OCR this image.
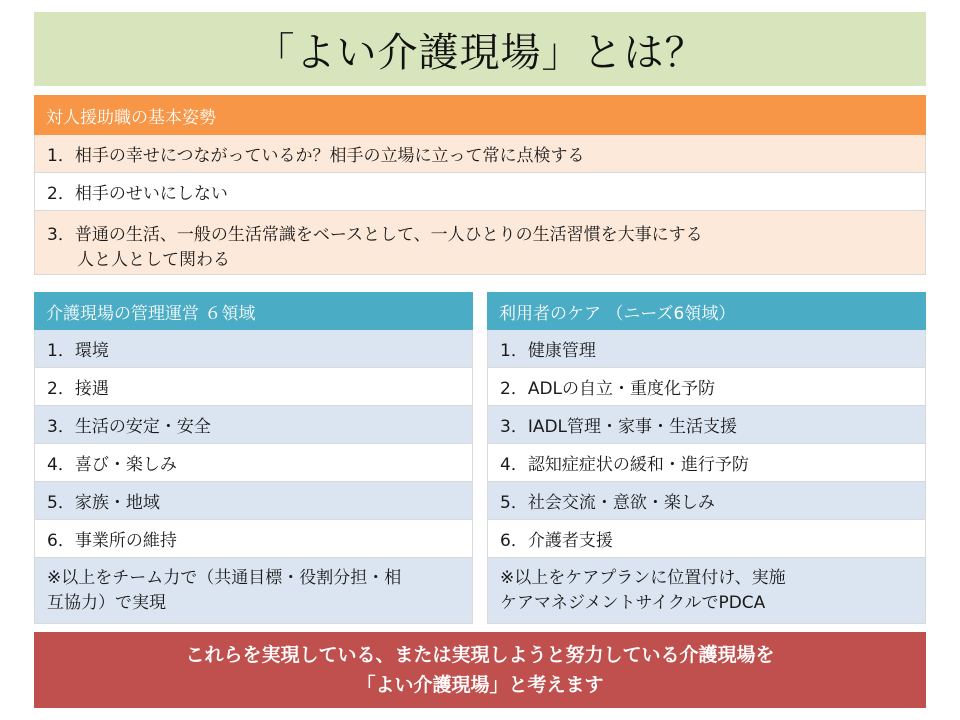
「よい介護現場」とは？
対人援助職の基本姿勢
1．相手の幸せにつながっているか？相手の立場に立って常に点検する
2．相手のせいにしない
3．普通の生活、一般の生活常識をベースとして、一人ひとりの生活習慣を大事にする
人と人として関わる
介護現場の管理運営 ６領域
1．環境
2．接遇
3．生活の安定・安全
4．喜び・楽しみ
5．家族・地域
6．事業所の維持
※以上をチーム力で（共通目標・役割分担・相
互協力）で実現
利用者のケア （ニーズ6領域）
1．健康管理
2．ADLの自立・重度化予防
3．IADL管理・家事・生活支援
4．認知症症状の緩和・進行予防
5．社会交流・意欲・楽しみ
6．介護者支援
※以上をケアプランに位置付け、実施
ケアマネジメントサイクルでPDCA
これらを実現している、または実現しようと努力している介護現場を
「よい介護現場」と考えます
